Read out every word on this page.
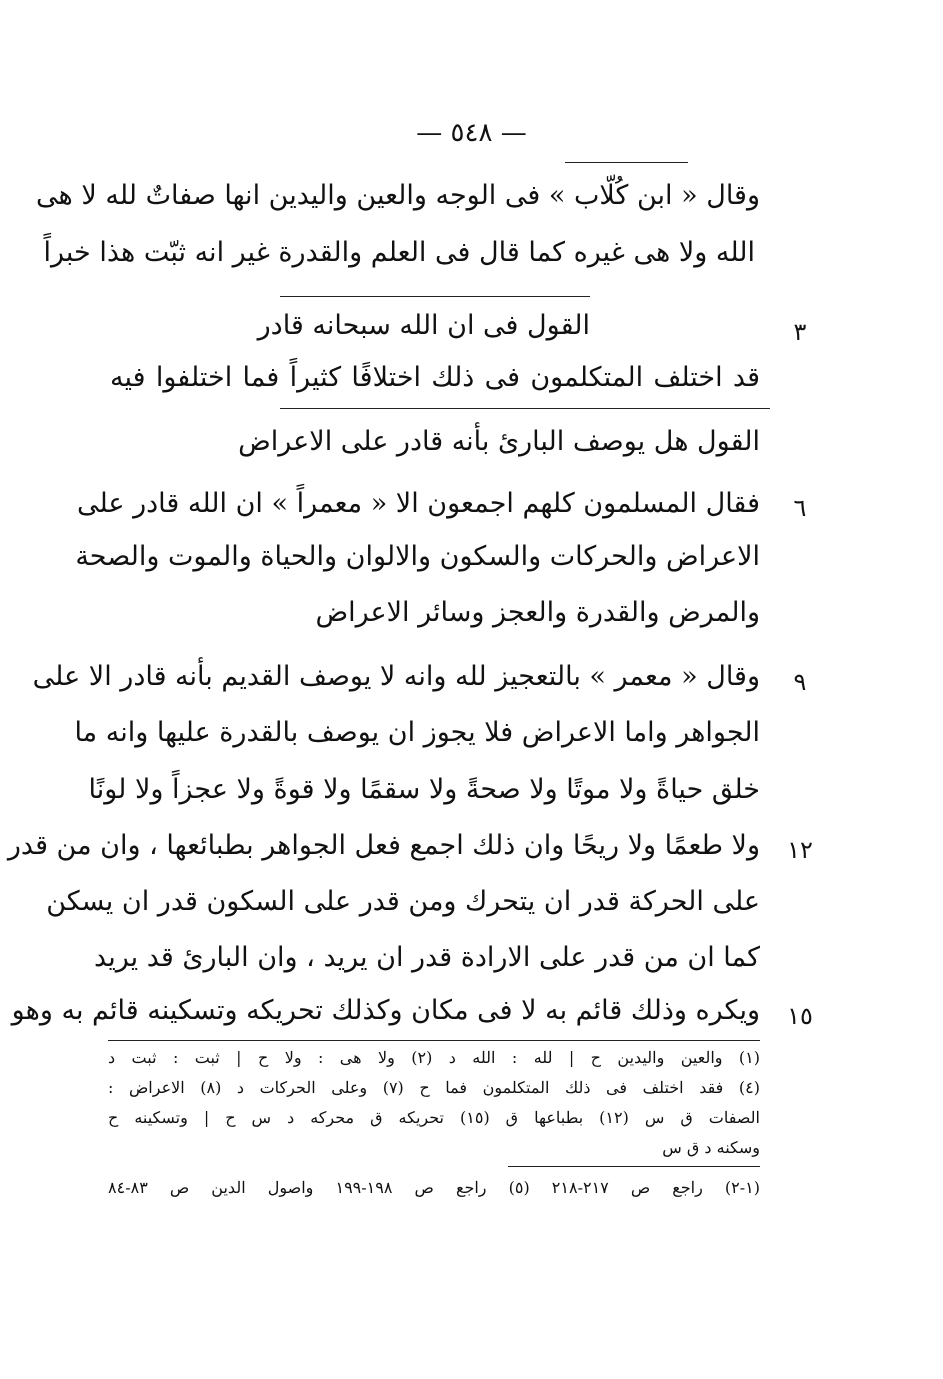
— ٥٤٨ —
وقال « ابن كُلّاب » فى الوجه والعين واليدين انها صفاتٌ لله لا هى
الله ولا هى غيره كما قال فى العلم والقدرة غير انه ثبّت هذا خبراً
القول فى ان الله سبحانه قادر	٣
قد اختلف المتكلمون فى ذلك اختلافًا كثيراً فما اختلفوا فيه
القول هل يوصف البارئ بأنه قادر على الاعراض
فقال المسلمون كلهم اجمعون الا « معمراً » ان الله قادر على	٦
الاعراض والحركات والسكون والالوان والحياة والموت والصحة
والمرض والقدرة والعجز وسائر الاعراض
وقال « معمر » بالتعجيز لله وانه لا يوصف القديم بأنه قادر الا على	٩
الجواهر واما الاعراض فلا يجوز ان يوصف بالقدرة عليها وانه ما
خلق حياةً ولا موتًا ولا صحةً ولا سقمًا ولا قوةً ولا عجزاً ولا لونًا
ولا طعمًا ولا ريحًا وان ذلك اجمع فعل الجواهر بطبائعها ، وان من قدر ١٢
على الحركة قدر ان يتحرك ومن قدر على السكون قدر ان يسكن
كما ان من قدر على الارادة قدر ان يريد ، وان البارئ قد يريد
ويكره وذلك قائم به لا فى مكان وكذلك تحريكه وتسكينه قائم به وهو ١٥
(١) والعين واليدين ح | لله : الله د (٢) ولا هى : ولا ح | ثبت : ثبت د
(٤) فقد اختلف فى ذلك المتكلمون فما ح (٧) وعلى الحركات د (٨) الاعراض :
الصفات ق س (١٢) بطباعها ق (١٥) تحريكه ق محركه د س ح | وتسكينه ح
وسكنه د ق س
(١-٢) راجع ص ٢١٧-٢١٨ (٥) راجع ص ١٩٨-١٩٩ واصول الدين ص ٨٣-٨٤
